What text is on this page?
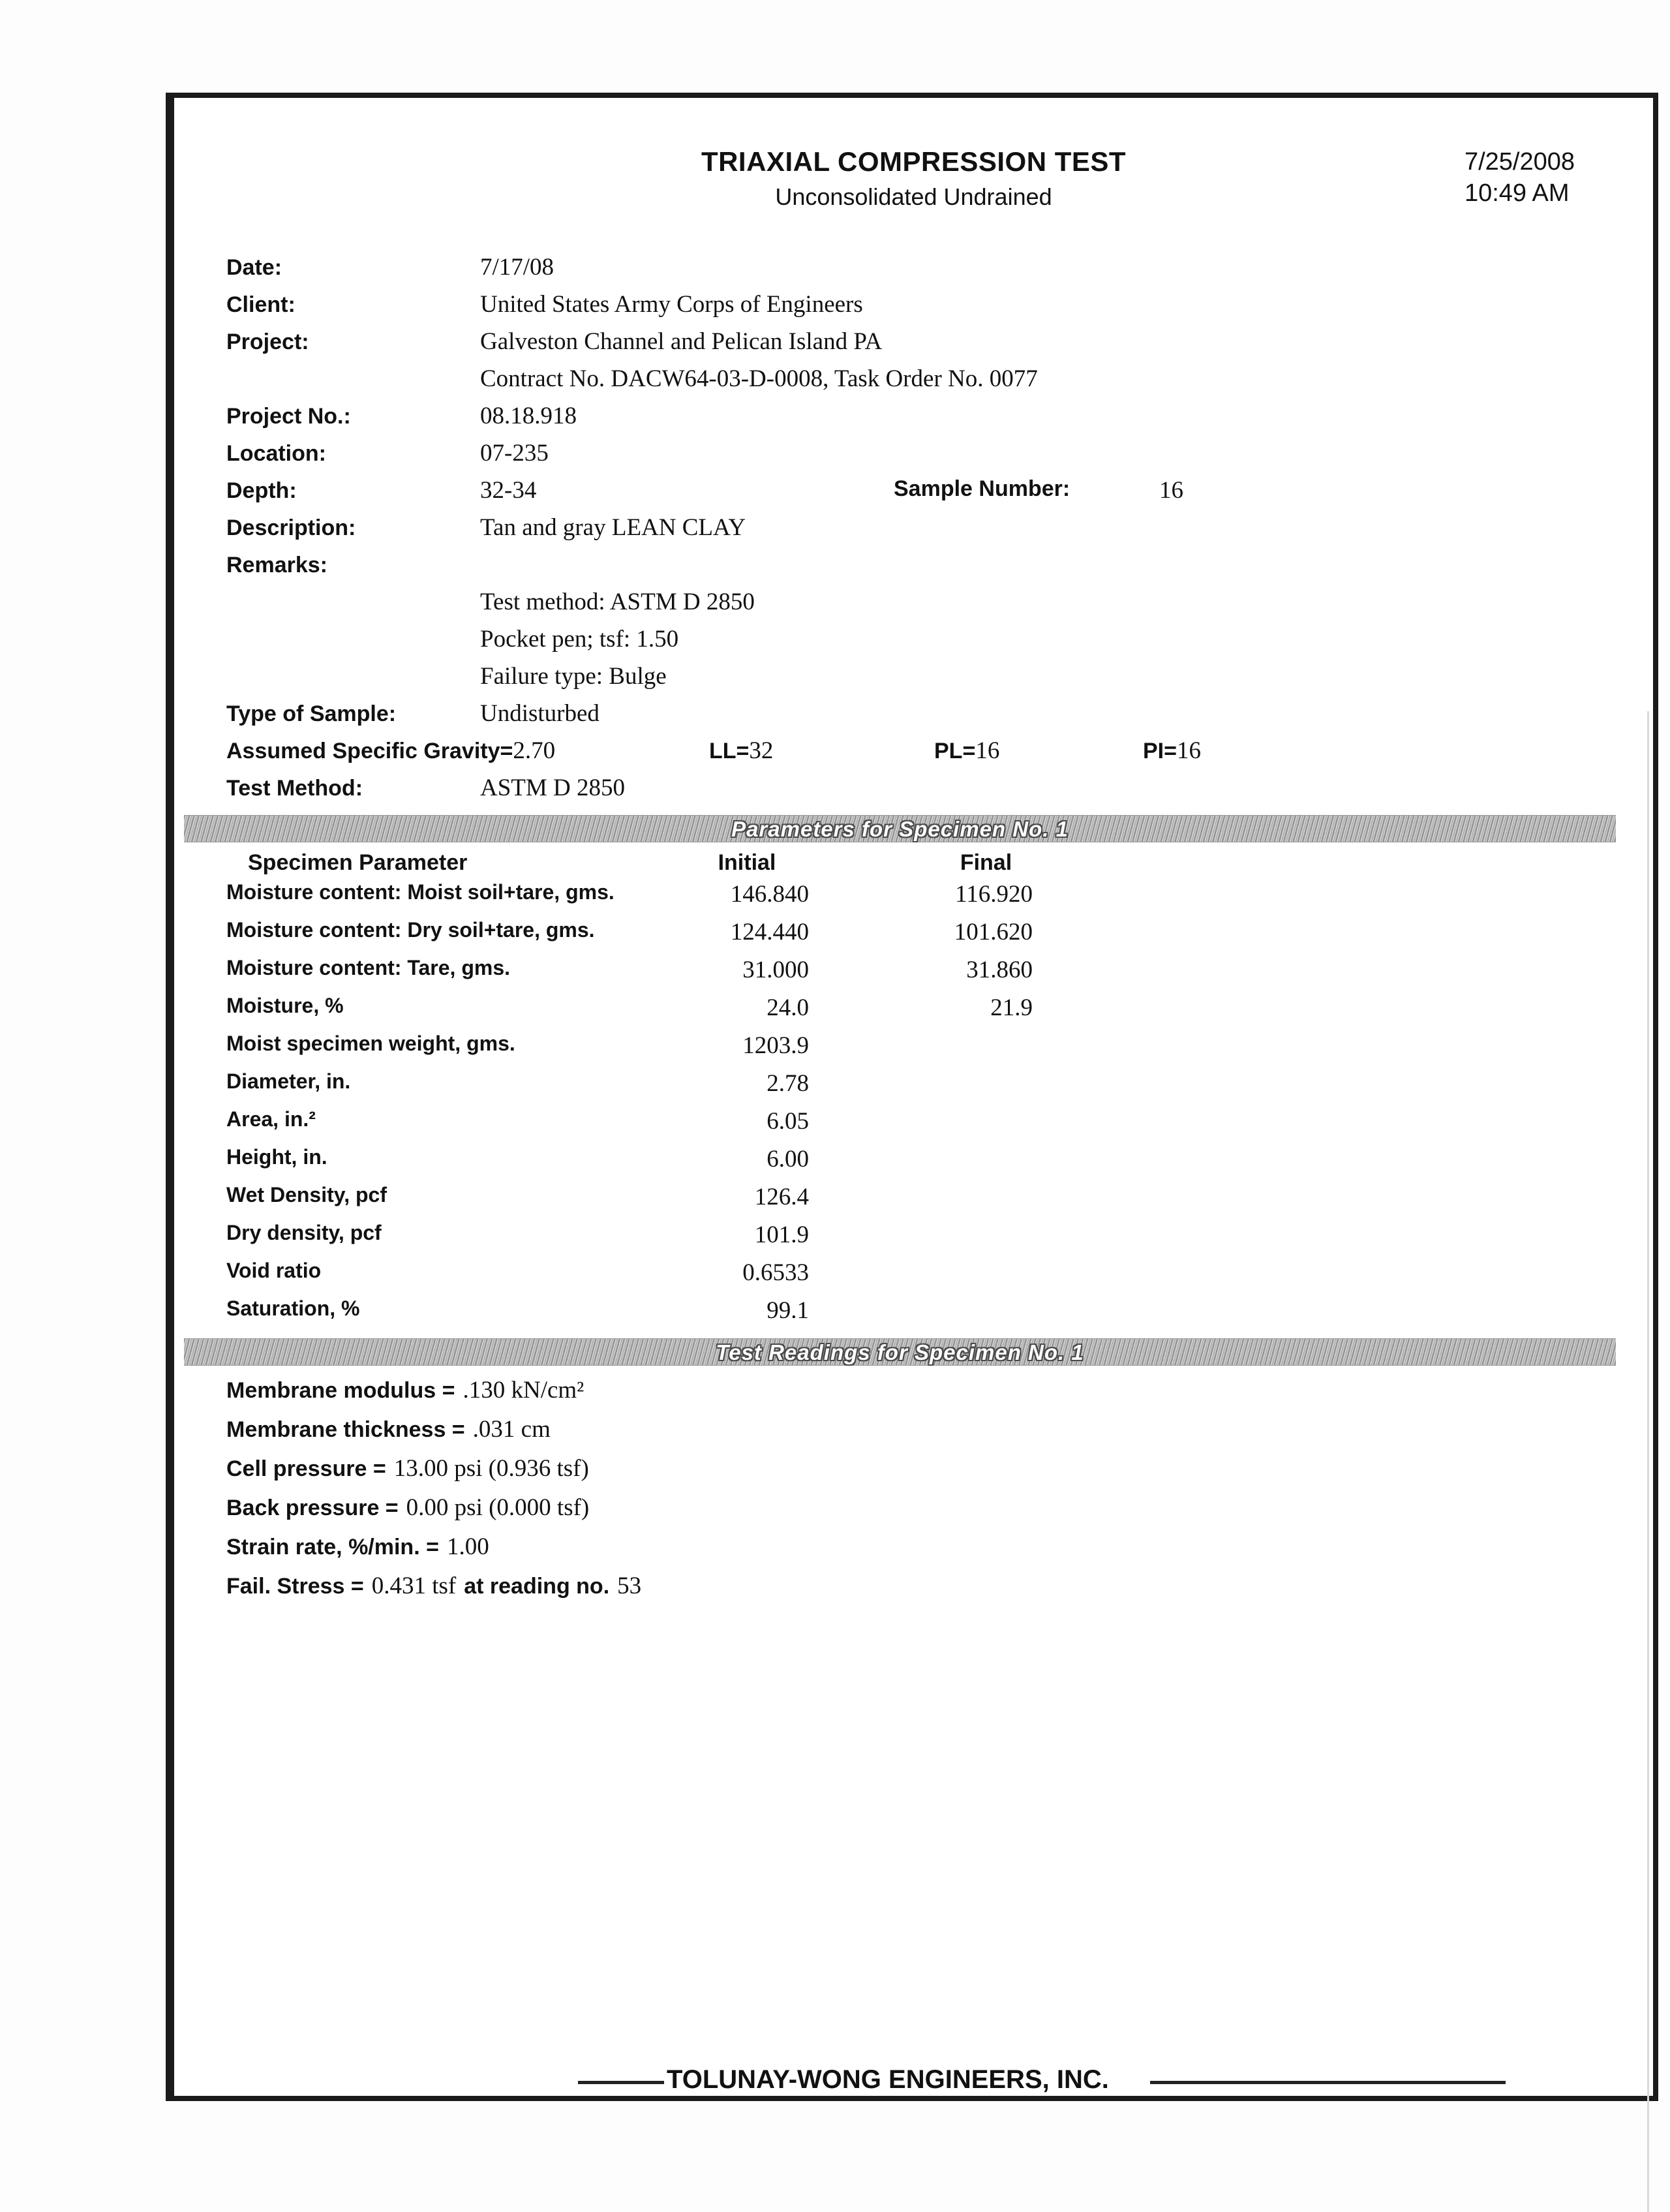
TRIAXIAL COMPRESSION TEST
Unconsolidated Undrained
7/25/2008
10:49 AM
Date:	7/17/08
Client:	United States Army Corps of Engineers
Project:	Galveston Channel and Pelican Island PA
Contract No. DACW64-03-D-0008, Task Order No. 0077
Project No.:	08.18.918
Location:	07-235
Depth:	32-34	Sample Number:	16
Description:	Tan and gray LEAN CLAY
Remarks:
Test method: ASTM D 2850
Pocket pen; tsf: 1.50
Failure type: Bulge
Type of Sample:	Undisturbed
Assumed Specific Gravity=2.70	LL=32	PL=16	PI=16
Test Method:	ASTM D 2850
Parameters for Specimen No. 1
Specimen Parameter	Initial	Final
Moisture content: Moist soil+tare, gms.	146.840	116.920
Moisture content: Dry soil+tare, gms.	124.440	101.620
Moisture content: Tare, gms.	31.000	31.860
Moisture, %	24.0	21.9
Moist specimen weight, gms.	1203.9
Diameter, in.	2.78
Area, in.²	6.05
Height, in.	6.00
Wet Density, pcf	126.4
Dry density, pcf	101.9
Void ratio	0.6533
Saturation, %	99.1
Test Readings for Specimen No. 1
Membrane modulus = .130 kN/cm²
Membrane thickness = .031 cm
Cell pressure = 13.00 psi (0.936 tsf)
Back pressure = 0.00 psi (0.000 tsf)
Strain rate, %/min. = 1.00
Fail. Stress = 0.431 tsf at reading no. 53
TOLUNAY-WONG ENGINEERS, INC.
